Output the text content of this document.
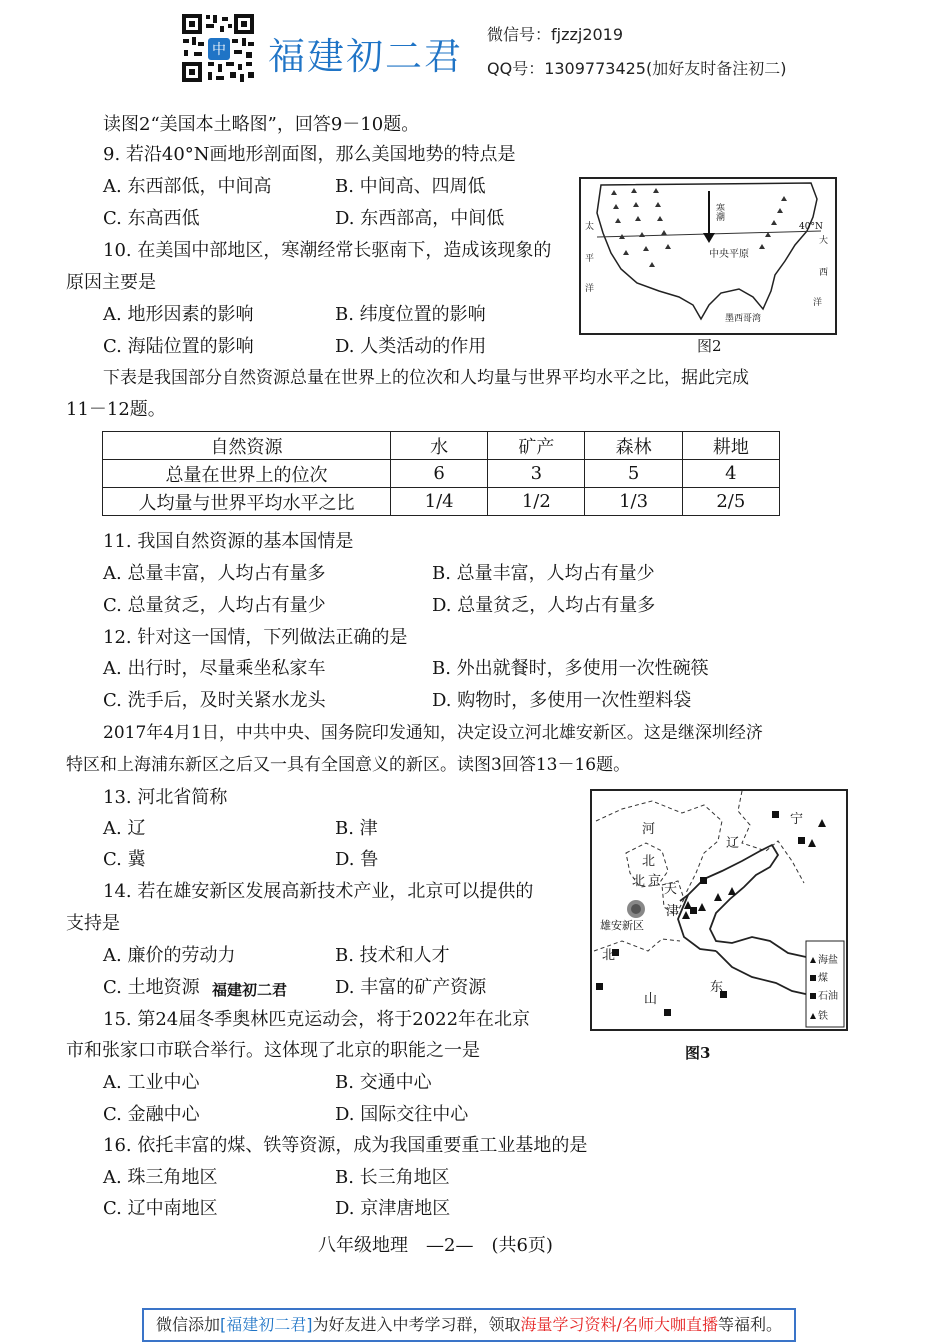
中 福建初二君
微信号：fjzzj2019
QQ号：1309773425(加好友时备注初二)
读图2“美国本土略图”，回答9－10题。
9. 若沿40°N画地形剖面图，那么美国地势的特点是
A. 东西部低，中间高	B. 中间高、四周低
C. 东高西低	D. 东西部高，中间低
10. 在美国中部地区，寒潮经常长驱南下，造成该现象的
原因主要是
A. 地形因素的影响	B. 纬度位置的影响
C. 海陆位置的影响	D. 人类活动的作用
寒潮
中央平原
墨西哥湾
40°N
太
平
洋
大
西
洋
图2
下表是我国部分自然资源总量在世界上的位次和人均量与世界平均水平之比，据此完成
11－12题。
自然资源	水	矿产	森林	耕地
总量在世界上的位次	6	3	5	4
人均量与世界平均水平之比	1/4	1/2	1/3	2/5
11. 我国自然资源的基本国情是
A. 总量丰富，人均占有量多	B. 总量丰富，人均占有量少
C. 总量贫乏，人均占有量少	D. 总量贫乏，人均占有量多
12. 针对这一国情，下列做法正确的是
A. 出行时，尽量乘坐私家车	B. 外出就餐时，多使用一次性碗筷
C. 洗手后，及时关紧水龙头	D. 购物时，多使用一次性塑料袋
2017年4月1日，中共中央、国务院印发通知，决定设立河北雄安新区。这是继深圳经济
特区和上海浦东新区之后又一具有全国意义的新区。读图3回答13－16题。
13. 河北省简称
A. 辽	B. 津
C. 冀	D. 鲁
14. 若在雄安新区发展高新技术产业，北京可以提供的
支持是
A. 廉价的劳动力	B. 技术和人才
C. 土地资源 福建初二君	D. 丰富的矿产资源
15. 第24届冬季奥林匹克运动会，将于2022年在北京
市和张家口市联合举行。这体现了北京的职能之一是
A. 工业中心	B. 交通中心
C. 金融中心	D. 国际交往中心
16. 依托丰富的煤、铁等资源，成为我国重要重工业基地的是
A. 珠三角地区	B. 长三角地区
C. 辽中南地区	D. 京津唐地区
海盐
煤
石油
铁
河
北
北 京
天
津
雄安新区
辽
宁
北
山
东
图3
八年级地理　—2—　(共6页)
微信添加[福建初二君]为好友进入中考学习群，领取海量学习资料/名师大咖直播等福利。
